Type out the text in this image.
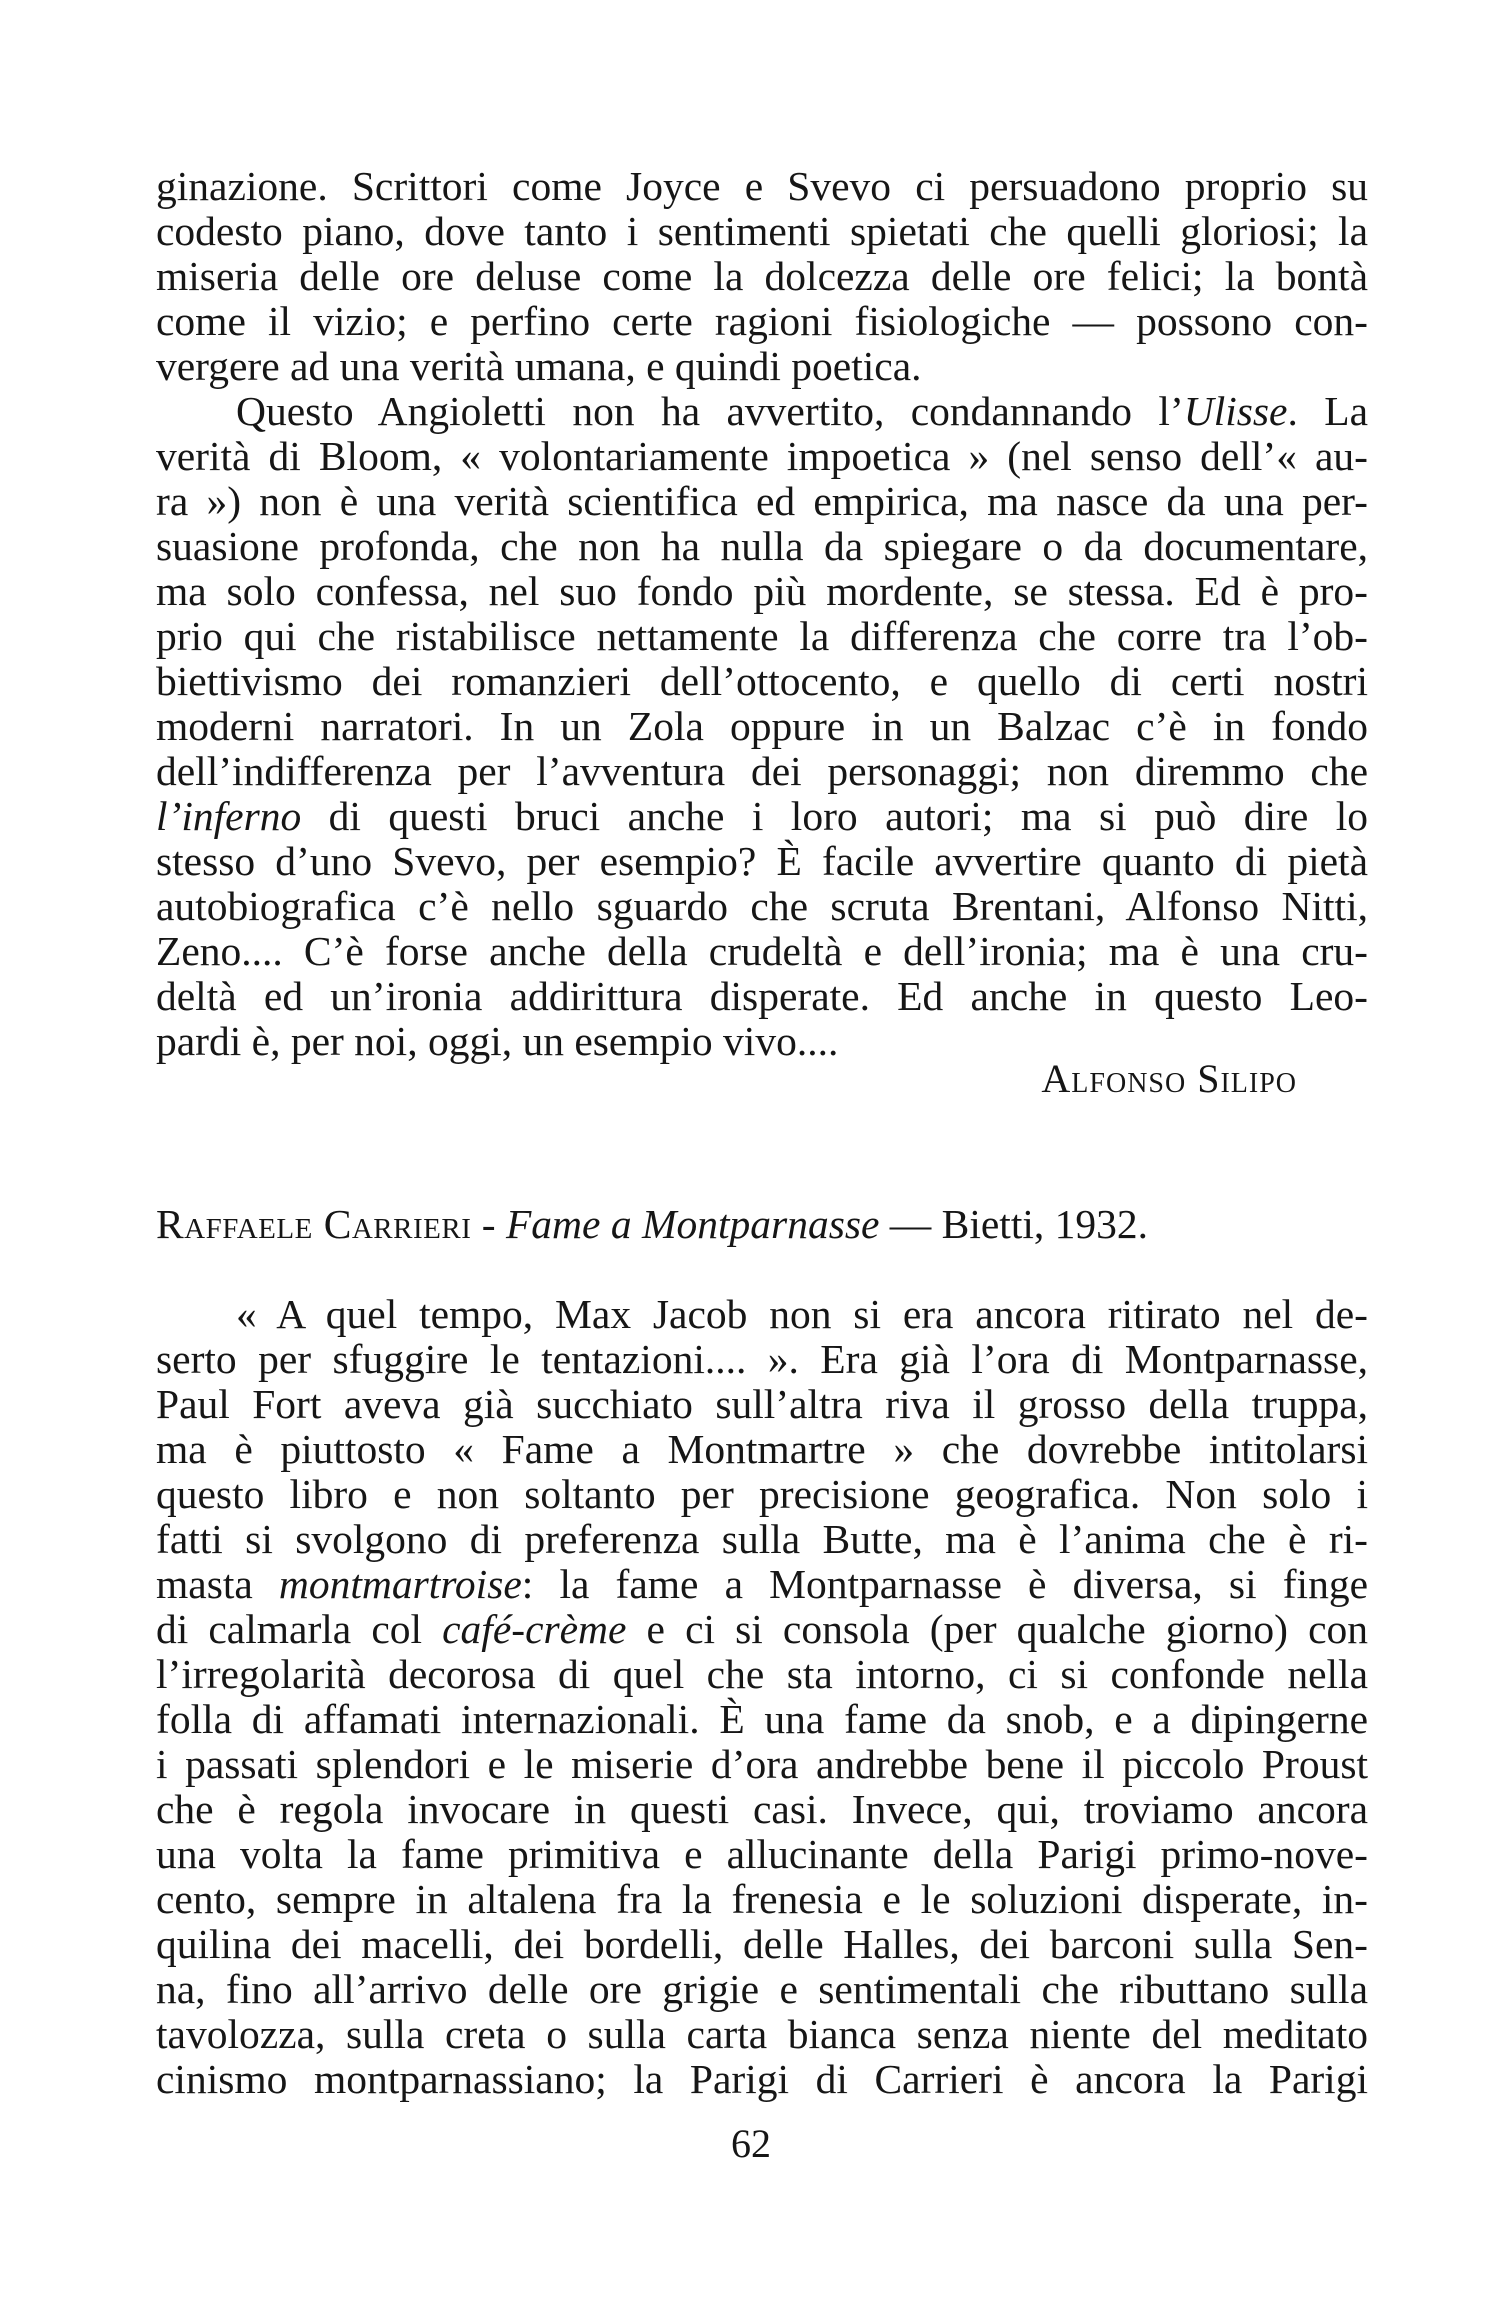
ginazione. Scrittori come Joyce e Svevo ci persuadono proprio su
codesto piano, dove tanto i sentimenti spietati che quelli gloriosi; la
miseria delle ore deluse come la dolcezza delle ore felici; la bontà
come il vizio; e perfino certe ragioni fisiologiche — possono con-
vergere ad una verità umana, e quindi poetica.
Questo Angioletti non ha avvertito, condannando l’Ulisse. La
verità di Bloom, « volontariamente impoetica » (nel senso dell’« au-
ra ») non è una verità scientifica ed empirica, ma nasce da una per-
suasione profonda, che non ha nulla da spiegare o da documentare,
ma solo confessa, nel suo fondo più mordente, se stessa. Ed è pro-
prio qui che ristabilisce nettamente la differenza che corre tra l’ob-
biettivismo dei romanzieri dell’ottocento, e quello di certi nostri
moderni narratori. In un Zola oppure in un Balzac c’è in fondo
dell’indifferenza per l’avventura dei personaggi; non diremmo che
l’inferno di questi bruci anche i loro autori; ma si può dire lo
stesso d’uno Svevo, per esempio? È facile avvertire quanto di pietà
autobiografica c’è nello sguardo che scruta Brentani, Alfonso Nitti,
Zeno.... C’è forse anche della crudeltà e dell’ironia; ma è una cru-
deltà ed un’ironia addirittura disperate. Ed anche in questo Leo-
pardi è, per noi, oggi, un esempio vivo....
Alfonso Silipo
Raffaele Carrieri - Fame a Montparnasse — Bietti, 1932.
« A quel tempo, Max Jacob non si era ancora ritirato nel de-
serto per sfuggire le tentazioni.... ». Era già l’ora di Montparnasse,
Paul Fort aveva già succhiato sull’altra riva il grosso della truppa,
ma è piuttosto « Fame a Montmartre » che dovrebbe intitolarsi
questo libro e non soltanto per precisione geografica. Non solo i
fatti si svolgono di preferenza sulla Butte, ma è l’anima che è ri-
masta montmartroise: la fame a Montparnasse è diversa, si finge
di calmarla col café-crème e ci si consola (per qualche giorno) con
l’irregolarità decorosa di quel che sta intorno, ci si confonde nella
folla di affamati internazionali. È una fame da snob, e a dipingerne
i passati splendori e le miserie d’ora andrebbe bene il piccolo Proust
che è regola invocare in questi casi. Invece, qui, troviamo ancora
una volta la fame primitiva e allucinante della Parigi primo-nove-
cento, sempre in altalena fra la frenesia e le soluzioni disperate, in-
quilina dei macelli, dei bordelli, delle Halles, dei barconi sulla Sen-
na, fino all’arrivo delle ore grigie e sentimentali che ributtano sulla
tavolozza, sulla creta o sulla carta bianca senza niente del meditato
cinismo montparnassiano; la Parigi di Carrieri è ancora la Parigi
62
